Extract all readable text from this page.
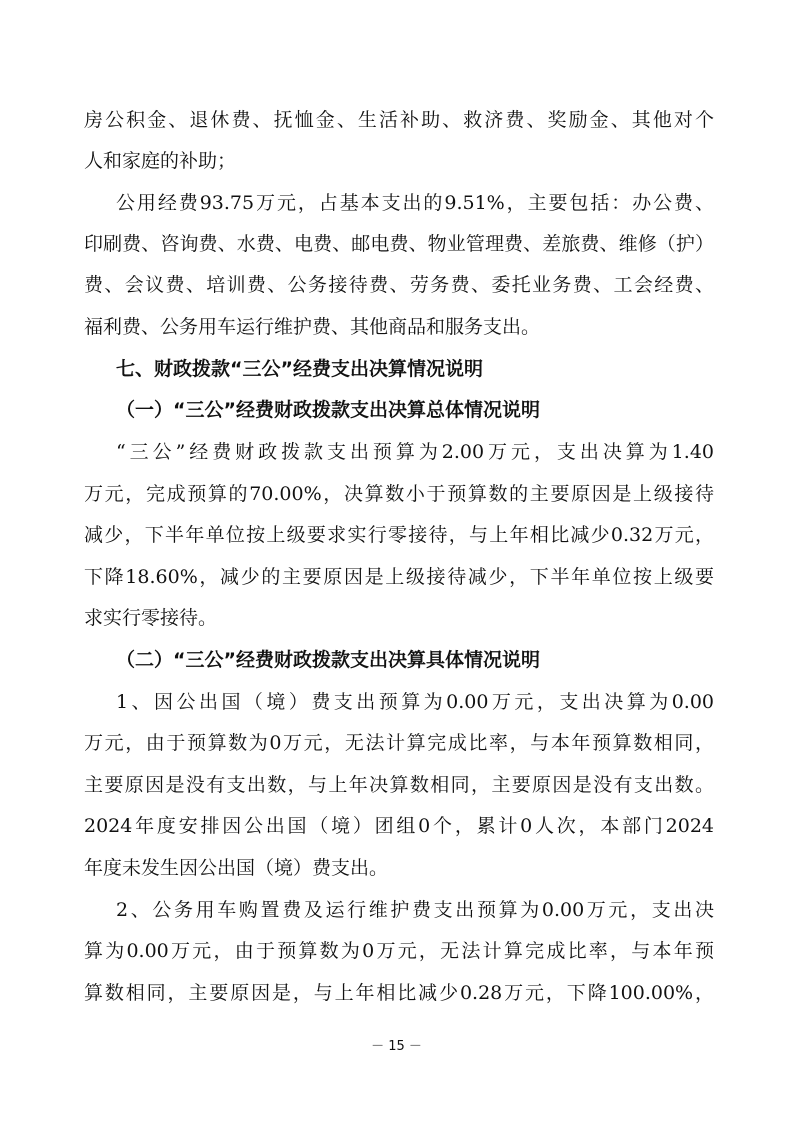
房公积金、退休费、抚恤金、生活补助、救济费、奖励金、其他对个
人和家庭的补助；
公用经费93.75万元，占基本支出的9.51%，主要包括：办公费、
印刷费、咨询费、水费、电费、邮电费、物业管理费、差旅费、维修（护）
费、会议费、培训费、公务接待费、劳务费、委托业务费、工会经费、
福利费、公务用车运行维护费、其他商品和服务支出。
七、财政拨款“三公”经费支出决算情况说明
（一）“三公”经费财政拨款支出决算总体情况说明
“三公”经费财政拨款支出预算为2.00万元，支出决算为1.40
万元，完成预算的70.00%，决算数小于预算数的主要原因是上级接待
减少，下半年单位按上级要求实行零接待，与上年相比减少0.32万元，
下降18.60%，减少的主要原因是上级接待减少，下半年单位按上级要
求实行零接待。
（二）“三公”经费财政拨款支出决算具体情况说明
1、因公出国（境）费支出预算为0.00万元，支出决算为0.00
万元，由于预算数为0万元，无法计算完成比率，与本年预算数相同，
主要原因是没有支出数，与上年决算数相同，主要原因是没有支出数。
2024年度安排因公出国（境）团组0个，累计0人次，本部门2024
年度未发生因公出国（境）费支出。
2、公务用车购置费及运行维护费支出预算为0.00万元，支出决
算为0.00万元，由于预算数为0万元，无法计算完成比率，与本年预
算数相同，主要原因是，与上年相比减少0.28万元，下降100.00%，
－ 15 －
